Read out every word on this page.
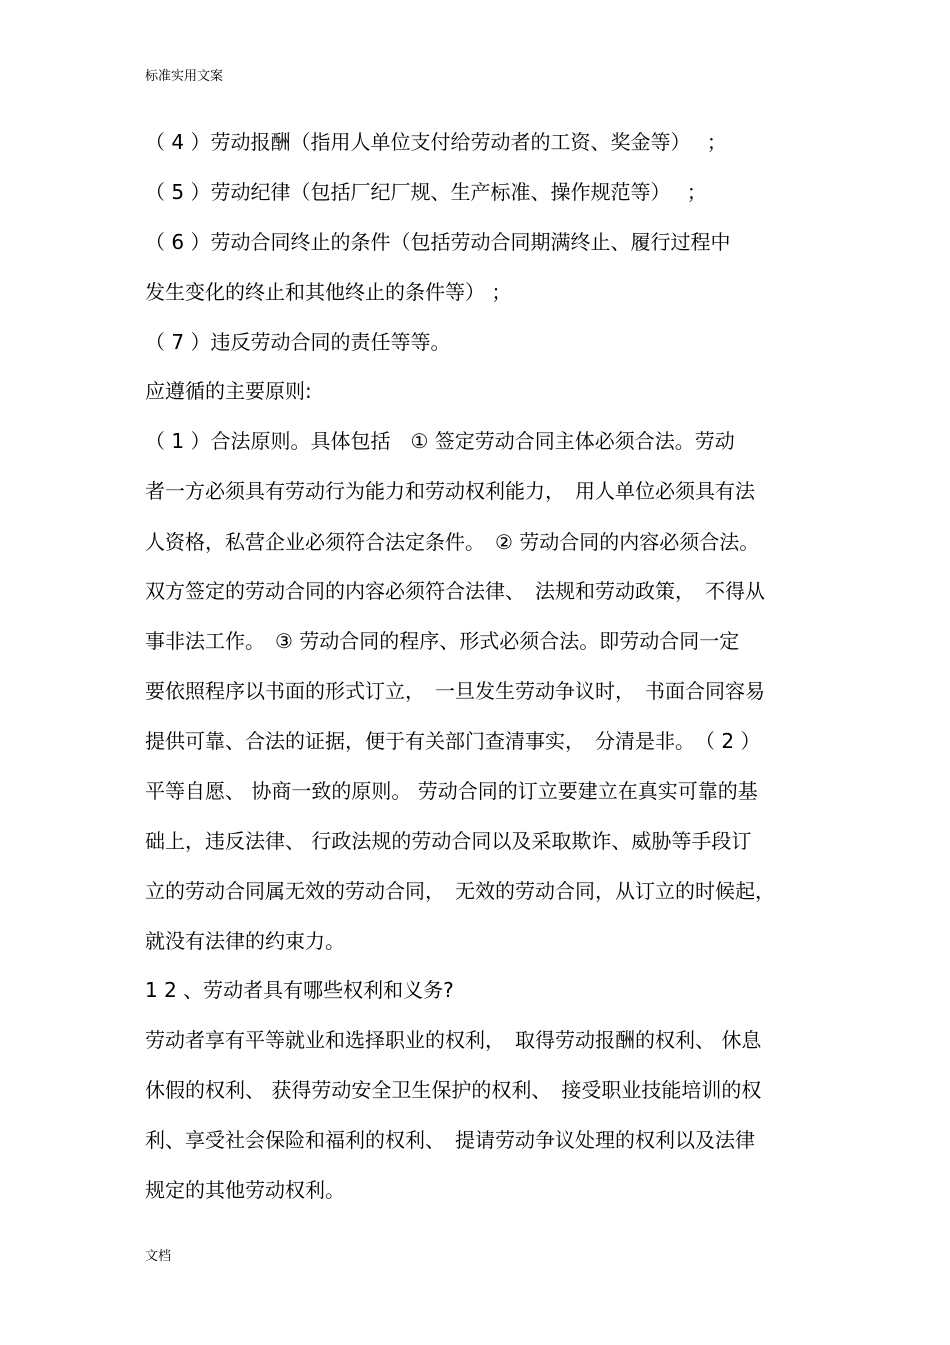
标准实用文案
（ 4 ）劳动报酬（指用人单位支付给劳动者的工资、奖金等）　 ；
（ 5 ）劳动纪律（包括厂纪厂规、生产标准、操作规范等）　 ；
（ 6 ）劳动合同终止的条件（包括劳动合同期满终止、履行过程中
发生变化的终止和其他终止的条件等） ；
（ 7 ）违反劳动合同的责任等等。
应遵循的主要原则:
（ 1 ）合法原则。具体包括　① 签定劳动合同主体必须合法。劳动
者一方必须具有劳动行为能力和劳动权利能力，　用人单位必须具有法
人资格，私营企业必须符合法定条件。　② 劳动合同的内容必须合法。
双方签定的劳动合同的内容必须符合法律、　法规和劳动政策，　不得从
事非法工作。　③ 劳动合同的程序、形式必须合法。即劳动合同一定
要依照程序以书面的形式订立，　一旦发生劳动争议时，　书面合同容易
提供可靠、合法的证据，便于有关部门查清事实，　分清是非。　（ 2 ）
平等自愿、 协商一致的原则。 劳动合同的订立要建立在真实可靠的基
础上，违反法律、 行政法规的劳动合同以及采取欺诈、威胁等手段订
立的劳动合同属无效的劳动合同，　无效的劳动合同，从订立的时候起，
就没有法律的约束力。
1 2 、劳动者具有哪些权利和义务?
劳动者享有平等就业和选择职业的权利，　取得劳动报酬的权利、 休息
休假的权利、 获得劳动安全卫生保护的权利、　接受职业技能培训的权
利、享受社会保险和福利的权利、　提请劳动争议处理的权利以及法律
规定的其他劳动权利。
文档
